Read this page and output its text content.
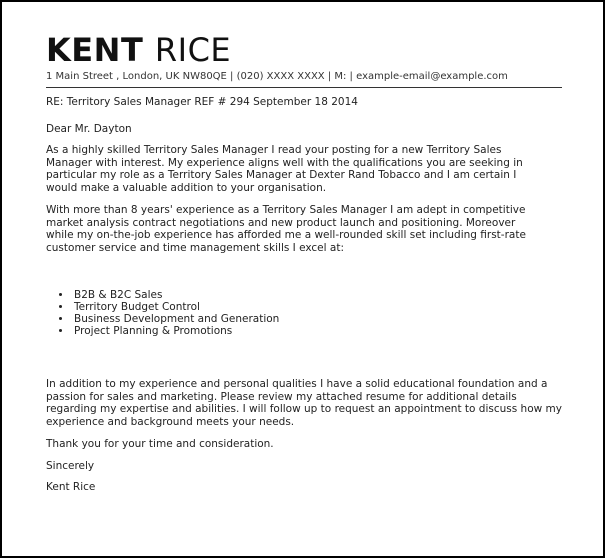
KENT RICE
1 Main Street , London, UK NW80QE | (020) XXXX XXXX | M: | example-email@example.com

RE: Territory Sales Manager REF # 294 September 18 2014

Dear Mr. Dayton

As a highly skilled Territory Sales Manager I read your posting for a new Territory Sales Manager with interest. My experience aligns well with the qualifications you are seeking in particular my role as a Territory Sales Manager at Dexter Rand Tobacco and I am certain I would make a valuable addition to your organisation.

With more than 8 years' experience as a Territory Sales Manager I am adept in competitive market analysis contract negotiations and new product launch and positioning. Moreover while my on-the-job experience has afforded me a well-rounded skill set including first-rate customer service and time management skills I excel at:

• B2B & B2C Sales
• Territory Budget Control
• Business Development and Generation
• Project Planning & Promotions

In addition to my experience and personal qualities I have a solid educational foundation and a passion for sales and marketing. Please review my attached resume for additional details regarding my expertise and abilities. I will follow up to request an appointment to discuss how my experience and background meets your needs.

Thank you for your time and consideration.

Sincerely

Kent Rice
